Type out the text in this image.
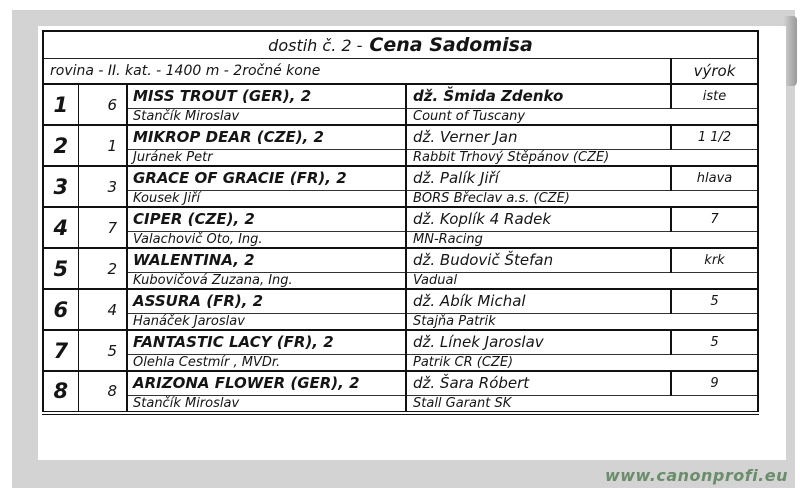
dostih č. 2 - Cena Sadomisa				
rovina - II. kat. - 1400 m - 2ročné kone				výrok
1	6	MISS TROUT (GER), 2	dž. Šmida Zdenko	iste
		Stančík Miroslav	Count of Tuscany	
2	1	MIKROP DEAR (CZE), 2	dž. Verner Jan	1 1/2
		Juránek Petr	Rabbit Trhový Štěpánov (CZE)	
3	3	GRACE OF GRACIE (FR), 2	dž. Palík Jiří	hlava
		Kousek Jiří	BORS Břeclav a.s. (CZE)	
4	7	CIPER (CZE), 2	dž. Koplík 4 Radek	7
		Valachovič Oto, Ing.	MN-Racing	
5	2	WALENTINA, 2	dž. Budovič Štefan	krk
		Kubovičová Zuzana, Ing.	Vadual	
6	4	ASSURA (FR), 2	dž. Abík Michal	5
		Hanáček Jaroslav	Stajňa Patrik	
7	5	FANTASTIC LACY (FR), 2	dž. Línek Jaroslav	5
		Olehla Čestmír , MVDr.	Patrik ČR (CZE)	
8	8	ARIZONA FLOWER (GER), 2	dž. Šara Róbert	9
		Stančík Miroslav	Stall Garant SK	
www.canonprofi.eu
